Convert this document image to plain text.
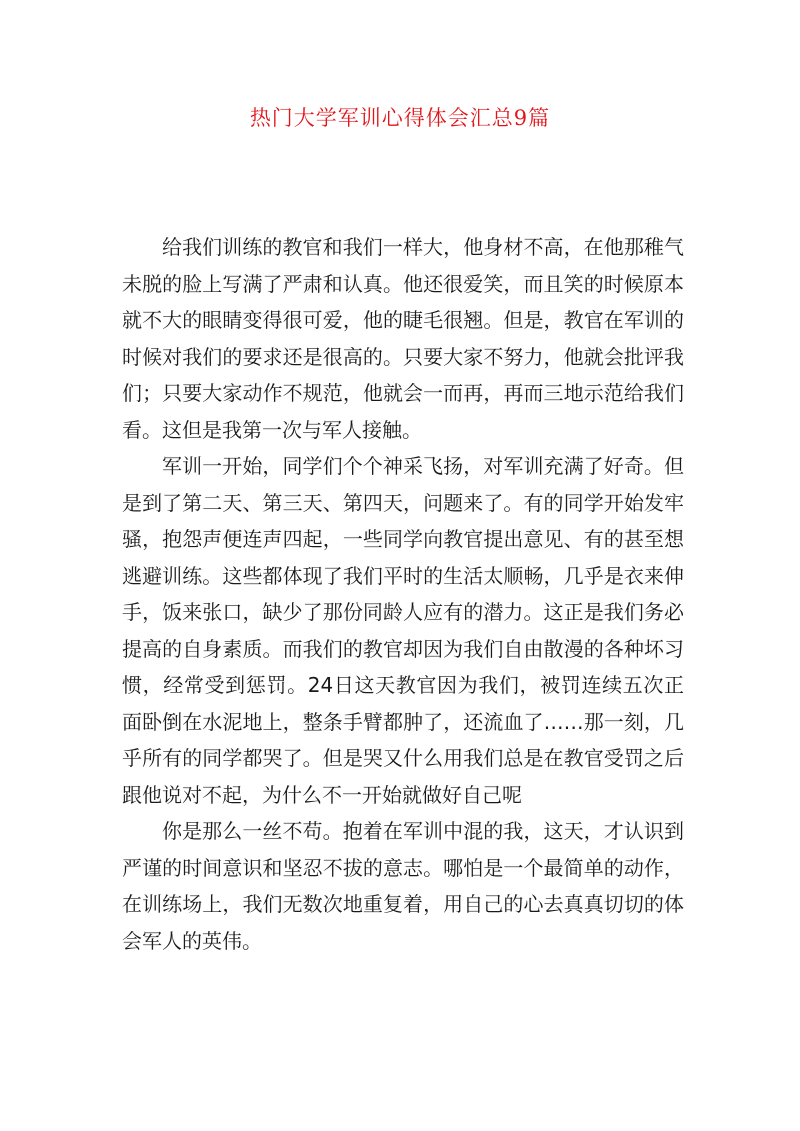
热门大学军训心得体会汇总9篇

给我们训练的教官和我们一样大，他身材不高，在他那稚气未脱的脸上写满了严肃和认真。他还很爱笑，而且笑的时候原本就不大的眼睛变得很可爱，他的睫毛很翘。但是，教官在军训的时候对我们的要求还是很高的。只要大家不努力，他就会批评我们；只要大家动作不规范，他就会一而再，再而三地示范给我们看。这但是我第一次与军人接触。

军训一开始，同学们个个神采飞扬，对军训充满了好奇。但是到了第二天、第三天、第四天，问题来了。有的同学开始发牢骚，抱怨声便连声四起，一些同学向教官提出意见、有的甚至想逃避训练。这些都体现了我们平时的生活太顺畅，几乎是衣来伸手，饭来张口，缺少了那份同龄人应有的潜力。这正是我们务必提高的自身素质。而我们的教官却因为我们自由散漫的各种坏习惯，经常受到惩罚。24日这天教官因为我们，被罚连续五次正面卧倒在水泥地上，整条手臂都肿了，还流血了……那一刻，几乎所有的同学都哭了。但是哭又什么用我们总是在教官受罚之后跟他说对不起，为什么不一开始就做好自己呢

你是那么一丝不苟。抱着在军训中混的我，这天，才认识到严谨的时间意识和坚忍不拔的意志。哪怕是一个最简单的动作，在训练场上，我们无数次地重复着，用自己的心去真真切切的体会军人的英伟。
